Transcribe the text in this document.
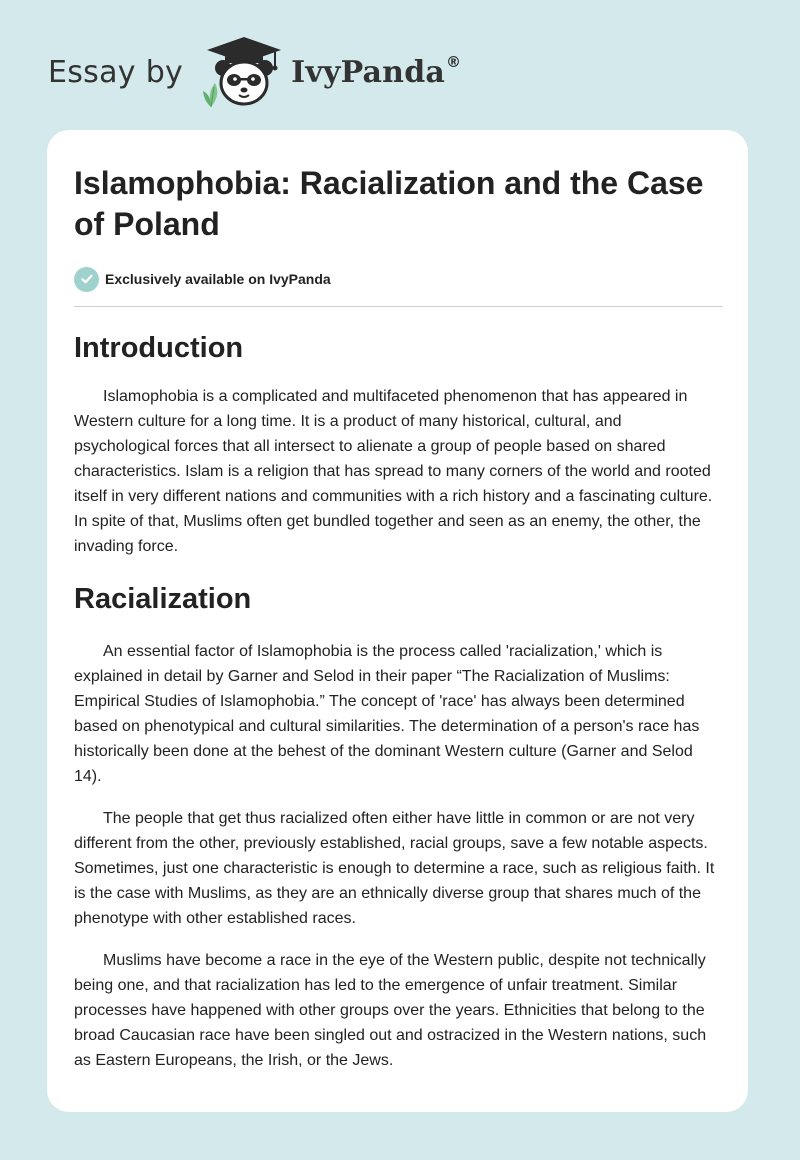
Essay by	IvyPanda®
Islamophobia: Racialization and the Case of Poland
Exclusively available on IvyPanda
Introduction

Islamophobia is a complicated and multifaceted phenomenon that has appeared in Western culture for a long time. It is a product of many historical, cultural, and psychological forces that all intersect to alienate a group of people based on shared characteristics. Islam is a religion that has spread to many corners of the world and rooted itself in very different nations and communities with a rich history and a fascinating culture. In spite of that, Muslims often get bundled together and seen as an enemy, the other, the invading force.

Racialization

An essential factor of Islamophobia is the process called 'racialization,' which is explained in detail by Garner and Selod in their paper “The Racialization of Muslims: Empirical Studies of Islamophobia.” The concept of 'race' has always been determined based on phenotypical and cultural similarities. The determination of a person's race has historically been done at the behest of the dominant Western culture (Garner and Selod 14).

The people that get thus racialized often either have little in common or are not very different from the other, previously established, racial groups, save a few notable aspects. Sometimes, just one characteristic is enough to determine a race, such as religious faith. It is the case with Muslims, as they are an ethnically diverse group that shares much of the phenotype with other established races.

Muslims have become a race in the eye of the Western public, despite not technically being one, and that racialization has led to the emergence of unfair treatment. Similar processes have happened with other groups over the years. Ethnicities that belong to the broad Caucasian race have been singled out and ostracized in the Western nations, such as Eastern Europeans, the Irish, or the Jews.
